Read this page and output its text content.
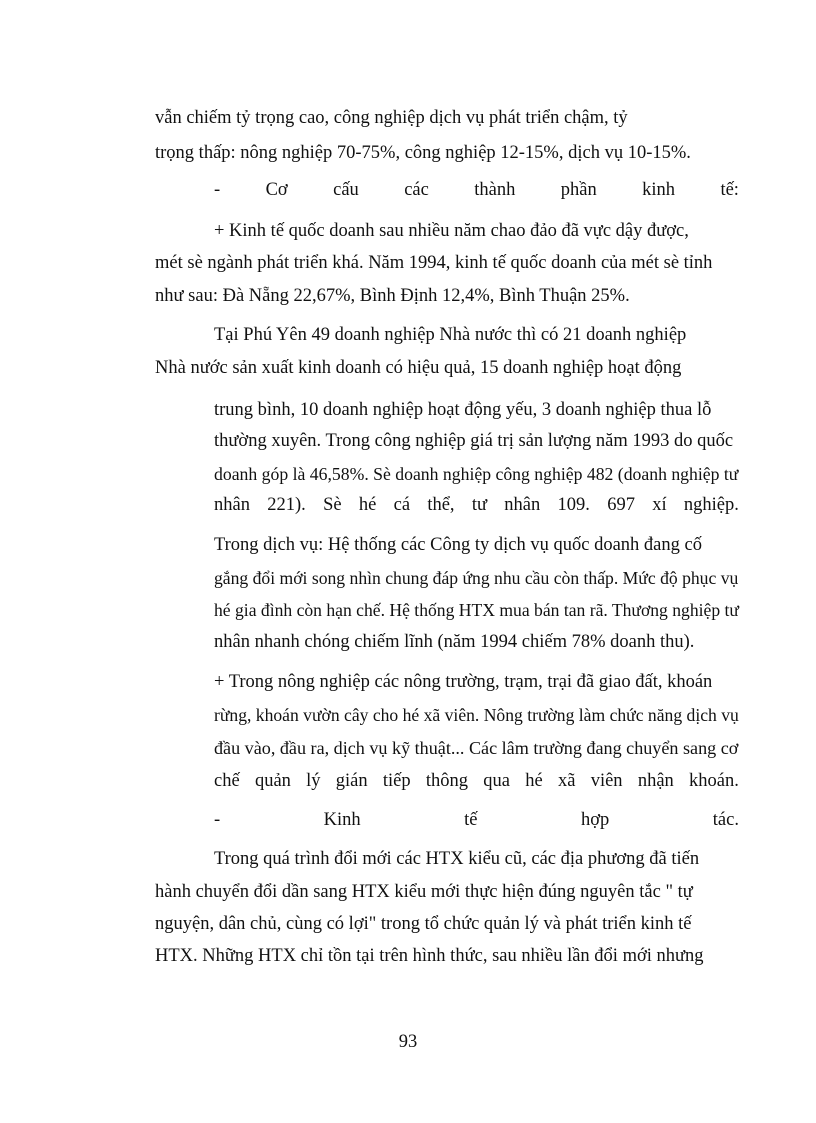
vẫn chiếm tỷ trọng cao, công nghiệp dịch vụ phát triển chậm, tỷ
trọng thấp: nông nghiệp 70-75%, công nghiệp 12-15%, dịch vụ 10-15%.
- Cơ cấu các thành phần kinh tế:
+ Kinh tế quốc doanh sau nhiều năm chao đảo đã vực dậy được,
mét sè ngành phát triển khá. Năm 1994, kinh tế quốc doanh của mét sè tỉnh
như sau: Đà Nẵng 22,67%, Bình Định 12,4%, Bình Thuận 25%.
Tại Phú Yên 49 doanh nghiệp Nhà nước thì có 21 doanh nghiệp
Nhà nước sản xuất kinh doanh có hiệu quả, 15 doanh nghiệp hoạt động
trung bình, 10 doanh nghiệp hoạt động yếu, 3 doanh nghiệp thua lỗ
thường xuyên. Trong công nghiệp giá trị sản lượng năm 1993 do quốc
doanh góp là 46,58%. Sè doanh nghiệp công nghiệp 482 (doanh nghiệp tư
nhân 221). Sè hé cá thể, tư nhân 109. 697 xí nghiệp.
Trong dịch vụ: Hệ thống các Công ty dịch vụ quốc doanh đang cố
gắng đổi mới song nhìn chung đáp ứng nhu cầu còn thấp. Mức độ phục vụ
hé gia đình còn hạn chế. Hệ thống HTX mua bán tan rã. Thương nghiệp tư
nhân nhanh chóng chiếm lĩnh (năm 1994 chiếm 78% doanh thu).
+ Trong nông nghiệp các nông trường, trạm, trại đã giao đất, khoán
rừng, khoán vườn cây cho hé xã viên. Nông trường làm chức năng dịch vụ
đầu vào, đầu ra, dịch vụ kỹ thuật... Các lâm trường đang chuyển sang cơ
chế quản lý gián tiếp thông qua hé xã viên nhận khoán.
-	Kinh	tế	hợp	tác.
Trong quá trình đổi mới các HTX kiểu cũ, các địa phương đã tiến
hành chuyển đổi dần sang HTX kiểu mới thực hiện đúng nguyên tắc " tự
nguyện, dân chủ, cùng có lợi" trong tổ chức quản lý và phát triển kinh tế
HTX. Những HTX chỉ tồn tại trên hình thức, sau nhiều lần đổi mới nhưng
93
